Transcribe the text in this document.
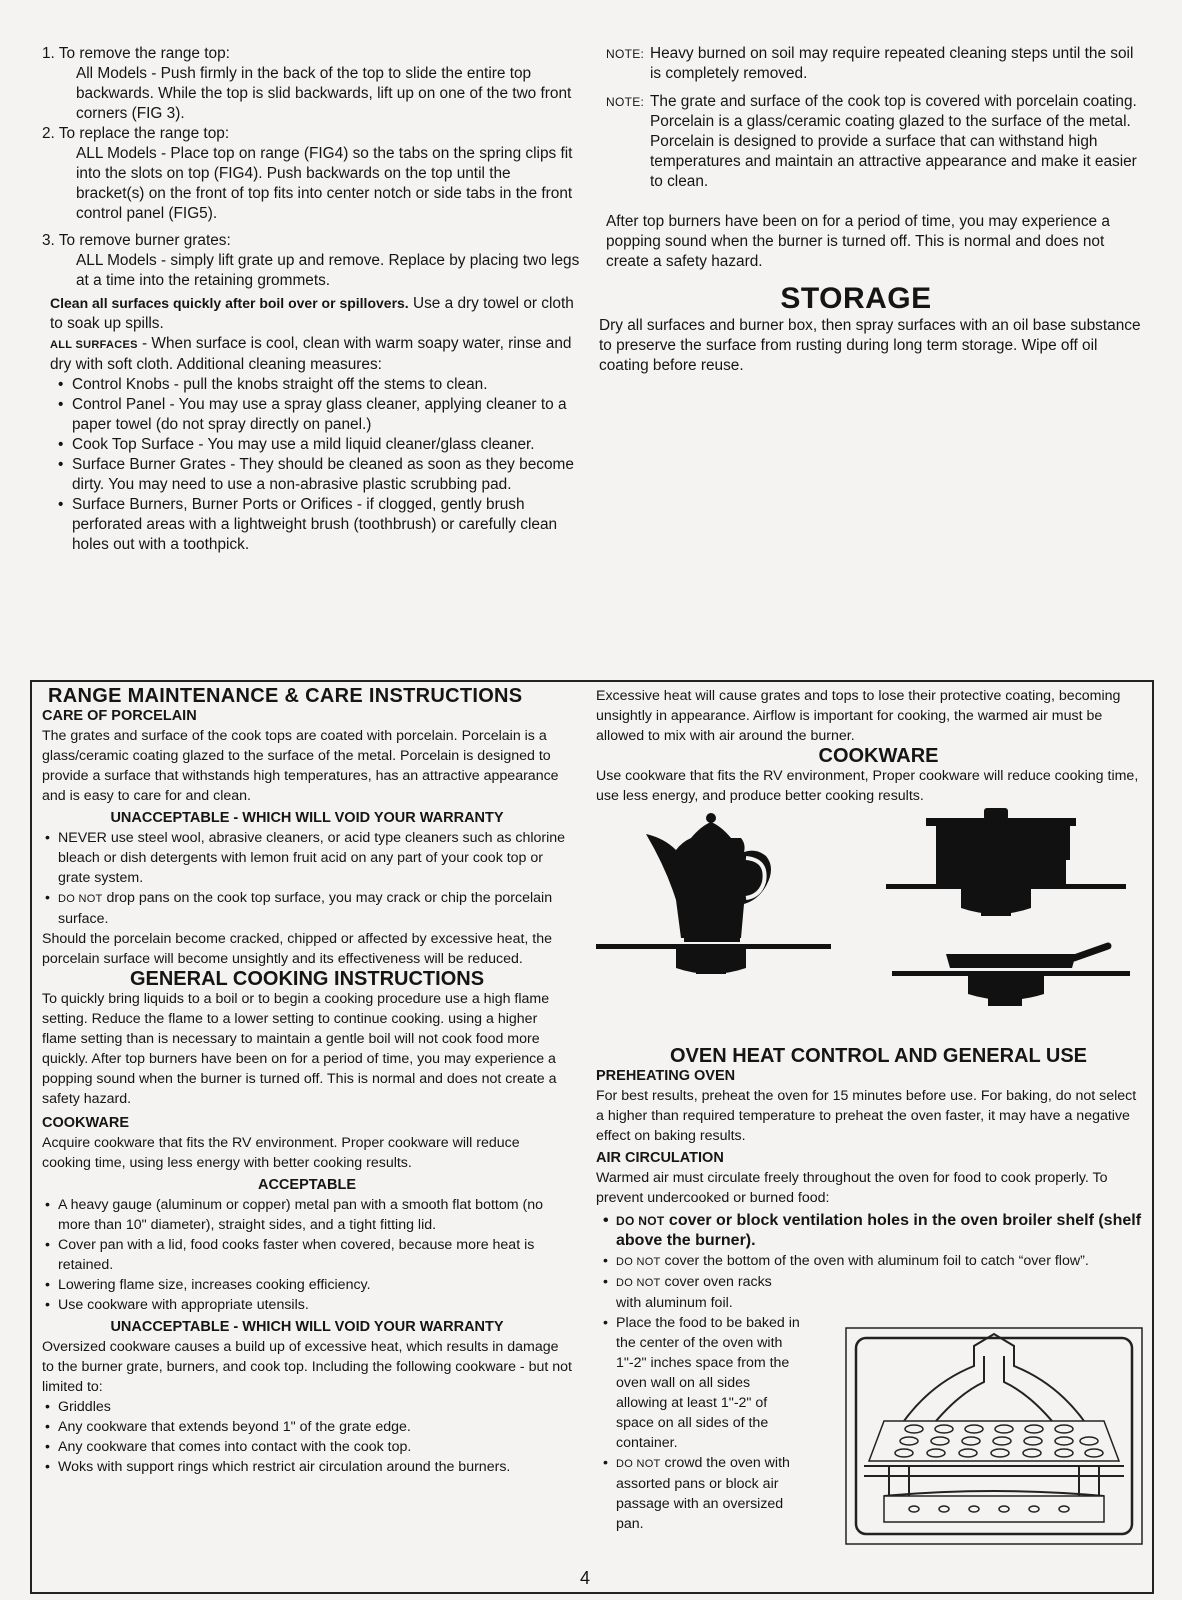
1. To remove the range top:

All Models - Push firmly in the back of the top to slide the entire top backwards. While the top is slid backwards, lift up on one of the two front corners (FIG 3).

2. To replace the range top:

ALL Models - Place top on range (FIG4) so the tabs on the spring clips fit into the slots on top (FIG4). Push backwards on the top until the bracket(s) on the front of top fits into center notch or side tabs in the front control panel (FIG5).

3. To remove burner grates:

ALL Models - simply lift grate up and remove. Replace by placing two legs at a time into the retaining grommets.

Clean all surfaces quickly after boil over or spillovers. Use a dry towel or cloth to soak up spills.

ALL SURFACES - When surface is cool, clean with warm soapy water, rinse and dry with soft cloth. Additional cleaning measures:

• Control Knobs - pull the knobs straight off the stems to clean.

• Control Panel - You may use a spray glass cleaner, applying cleaner to a paper towel (do not spray directly on panel.)

• Cook Top Surface - You may use a mild liquid cleaner/glass cleaner.

• Surface Burner Grates - They should be cleaned as soon as they become dirty. You may need to use a non-abrasive plastic scrubbing pad.

• Surface Burners, Burner Ports or Orifices - if clogged, gently brush perforated areas with a lightweight brush (toothbrush) or carefully clean holes out with a toothpick.

NOTE: Heavy burned on soil may require repeated cleaning steps until the soil is completely removed.

NOTE: The grate and surface of the cook top is covered with porcelain coating. Porcelain is a glass/ceramic coating glazed to the surface of the metal. Porcelain is designed to provide a surface that can withstand high temperatures and maintain an attractive appearance and make it easier to clean.

After top burners have been on for a period of time, you may experience a popping sound when the burner is turned off. This is normal and does not create a safety hazard.

STORAGE

Dry all surfaces and burner box, then spray surfaces with an oil base substance to preserve the surface from rusting during long term storage. Wipe off oil coating before reuse.

RANGE MAINTENANCE & CARE INSTRUCTIONS

CARE OF PORCELAIN

The grates and surface of the cook tops are coated with porcelain. Porcelain is a glass/ceramic coating glazed to the surface of the metal. Porcelain is designed to provide a surface that withstands high temperatures, has an attractive appearance and is easy to care for and clean.

UNACCEPTABLE - WHICH WILL VOID YOUR WARRANTY

• NEVER use steel wool, abrasive cleaners, or acid type cleaners such as chlorine bleach or dish detergents with lemon fruit acid on any part of your cook top or grate system.

• DO NOT drop pans on the cook top surface, you may crack or chip the porcelain surface.

Should the porcelain become cracked, chipped or affected by excessive heat, the porcelain surface will become unsightly and its effectiveness will be reduced.

GENERAL COOKING INSTRUCTIONS

To quickly bring liquids to a boil or to begin a cooking procedure use a high flame setting. Reduce the flame to a lower setting to continue cooking. using a higher flame setting than is necessary to maintain a gentle boil will not cook food more quickly. After top burners have been on for a period of time, you may experience a popping sound when the burner is turned off. This is normal and does not create a safety hazard.

COOKWARE

Acquire cookware that fits the RV environment. Proper cookware will reduce cooking time, using less energy with better cooking results.

ACCEPTABLE

• A heavy gauge (aluminum or copper) metal pan with a smooth flat bottom (no more than 10" diameter), straight sides, and a tight fitting lid.

• Cover pan with a lid, food cooks faster when covered, because more heat is retained.

• Lowering flame size, increases cooking efficiency.

• Use cookware with appropriate utensils.

UNACCEPTABLE - WHICH WILL VOID YOUR WARRANTY

Oversized cookware causes a build up of excessive heat, which results in damage to the burner grate, burners, and cook top. Including the following cookware - but not limited to:

• Griddles

• Any cookware that extends beyond 1" of the grate edge.

• Any cookware that comes into contact with the cook top.

• Woks with support rings which restrict air circulation around the burners.

Excessive heat will cause grates and tops to lose their protective coating, becoming unsightly in appearance. Airflow is important for cooking, the warmed air must be allowed to mix with air around the burner.

COOKWARE

Use cookware that fits the RV environment, Proper cookware will reduce cooking time, use less energy, and produce better cooking results.

OVEN HEAT CONTROL AND GENERAL USE
PREHEATING OVEN

For best results, preheat the oven for 15 minutes before use. For baking, do not select a higher than required temperature to preheat the oven faster, it may have a negative effect on baking results.

AIR CIRCULATION

Warmed air must circulate freely throughout the oven for food to cook properly. To prevent undercooked or burned food:

• DO NOT cover or block ventilation holes in the oven broiler shelf (shelf above the burner).

• DO NOT cover the bottom of the oven with aluminum foil to catch “over flow”.

• DO NOT cover oven racks with aluminum foil.

• Place the food to be baked in the center of the oven with 1"-2" inches space from the oven wall on all sides allowing at least 1"-2" of space on all sides of the container.

• DO NOT crowd the oven with assorted pans or block air passage with an oversized pan.

4
